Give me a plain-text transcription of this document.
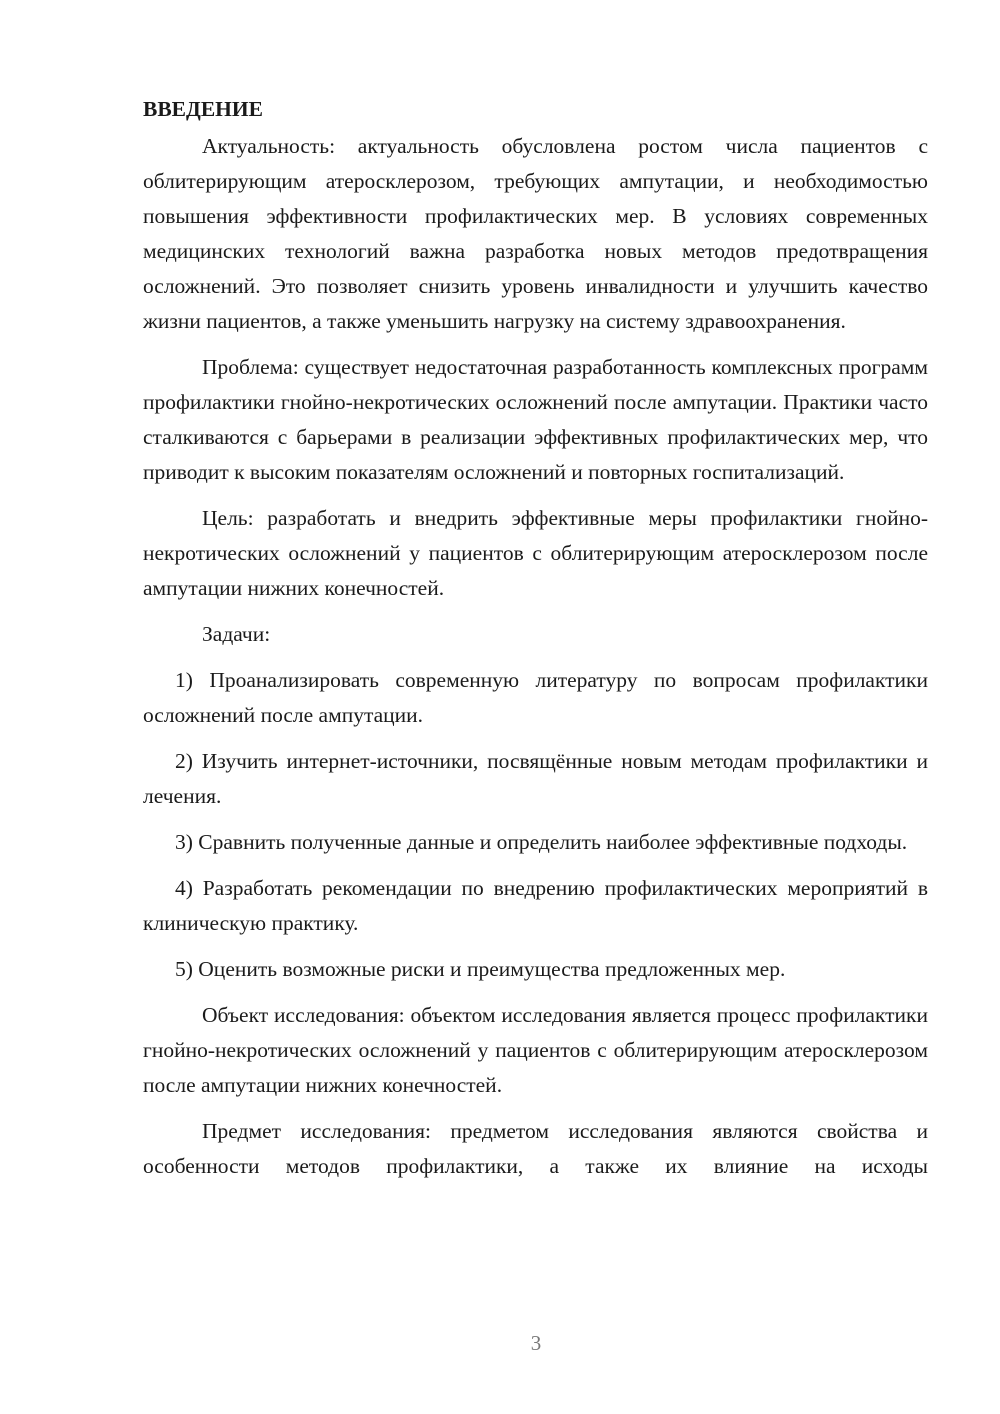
ВВЕДЕНИЕ

Актуальность: актуальность обусловлена ростом числа пациентов с облитерирующим атеросклерозом, требующих ампутации, и необходимостью повышения эффективности профилактических мер. В условиях современных медицинских технологий важна разработка новых методов предотвращения осложнений. Это позволяет снизить уровень инвалидности и улучшить качество жизни пациентов, а также уменьшить нагрузку на систему здравоохранения.

Проблема: существует недостаточная разработанность комплексных программ профилактики гнойно-некротических осложнений после ампутации. Практики часто сталкиваются с барьерами в реализации эффективных профилактических мер, что приводит к высоким показателям осложнений и повторных госпитализаций.

Цель: разработать и внедрить эффективные меры профилактики гнойно-некротических осложнений у пациентов с облитерирующим атеросклерозом после ампутации нижних конечностей.

Задачи:

1) Проанализировать современную литературу по вопросам профилактики осложнений после ампутации.

2) Изучить интернет-источники, посвящённые новым методам профилактики и лечения.

3) Сравнить полученные данные и определить наиболее эффективные подходы.

4) Разработать рекомендации по внедрению профилактических мероприятий в клиническую практику.

5) Оценить возможные риски и преимущества предложенных мер.

Объект исследования: объектом исследования является процесс профилактики гнойно-некротических осложнений у пациентов с облитерирующим атеросклерозом после ампутации нижних конечностей.

Предмет исследования: предметом исследования являются свойства и особенности методов профилактики, а также их влияние на исходы

3
